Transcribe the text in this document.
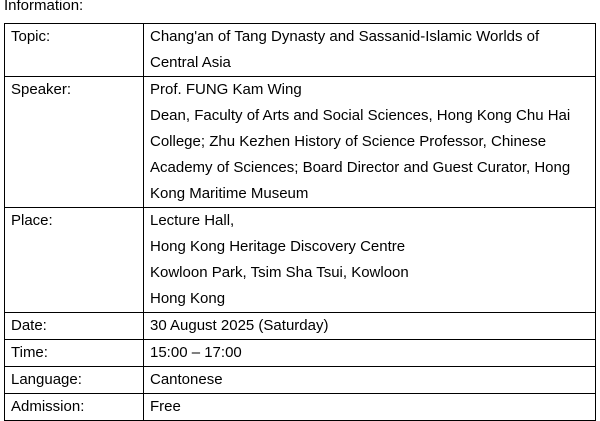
Information:
Topic:	Chang'an of Tang Dynasty and Sassanid-Islamic Worlds of
Central Asia

Speaker:	Prof. FUNG Kam Wing
Dean, Faculty of Arts and Social Sciences, Hong Kong Chu Hai
College; Zhu Kezhen History of Science Professor, Chinese
Academy of Sciences; Board Director and Guest Curator, Hong
Kong Maritime Museum

Place:	Lecture Hall,
Hong Kong Heritage Discovery Centre
Kowloon Park, Tsim Sha Tsui, Kowloon
Hong Kong

Date:	30 August 2025 (Saturday)

Time:	15:00 – 17:00

Language:	Cantonese

Admission:	Free
